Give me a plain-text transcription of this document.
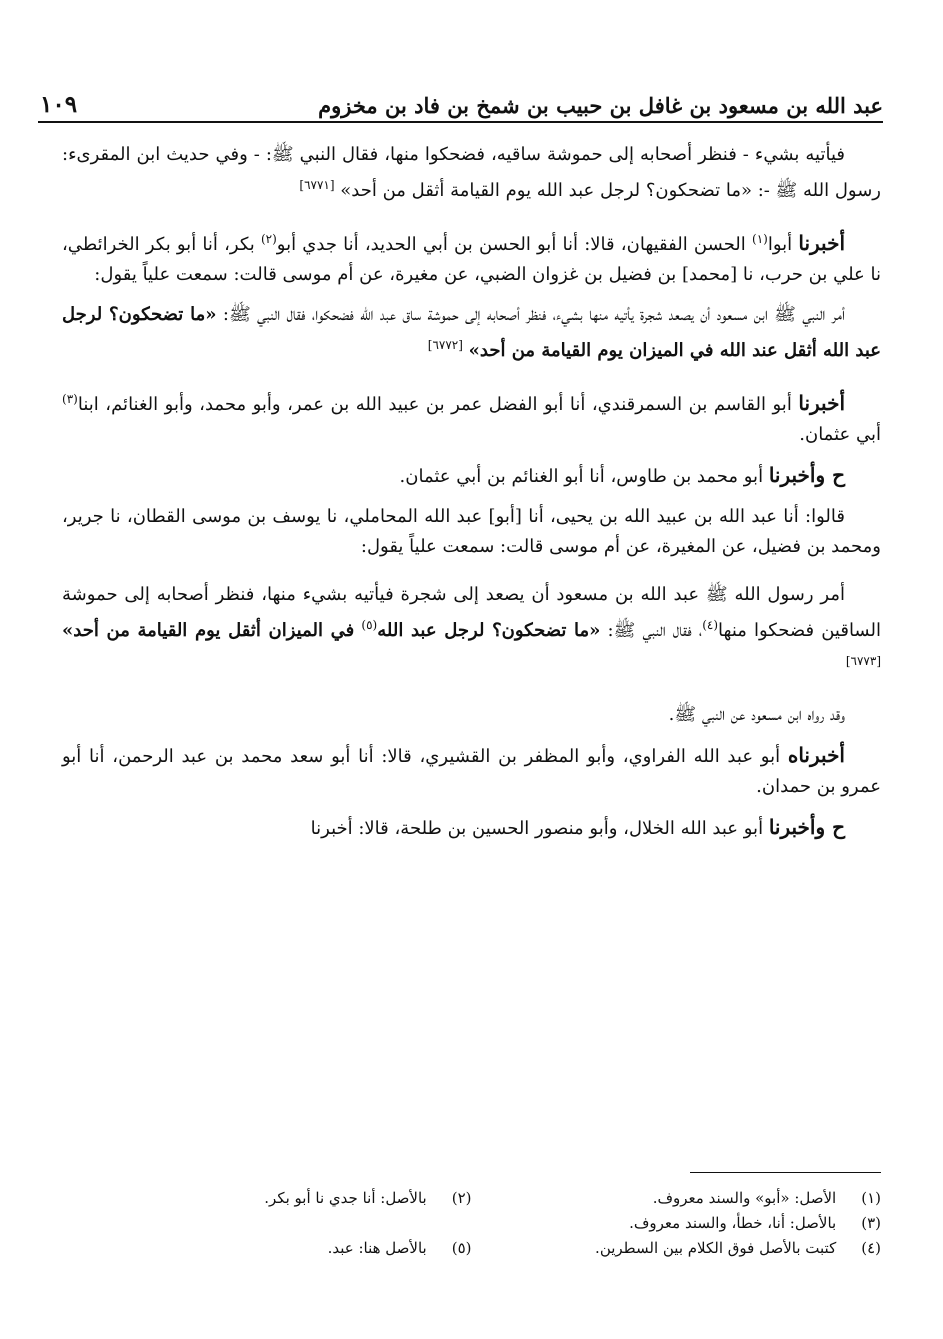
١٠٩	عبد الله بن مسعود بن غافل بن حبيب بن شمخ بن فاد بن مخزوم

فيأتيه بشيء - فنظر أصحابه إلى حموشة ساقيه، فضحكوا منها، فقال النبي ﷺ: - وفي حديث ابن المقرىء: رسول الله ﷺ -: «ما تضحكون؟ لرجل عبد الله يوم القيامة أثقل من أحد» [٦٧٧١]

أخبرنا أبوا$^{(١)}$ الحسن الفقيهان، قالا: أنا أبو الحسن بن أبي الحديد، أنا جدي أبو$^{(٢)}$ بكر، أنا أبو بكر الخرائطي، نا علي بن حرب، نا [محمد] بن فضيل بن غزوان الضبي، عن مغيرة، عن أم موسى قالت: سمعت علياً يقول:

أمر النبي ﷺ ابن مسعود أن يصعد شجرة يأتيه منها بشيء، فنظر أصحابه إلى حموشة ساق عبد الله فضحكوا، فقال النبي ﷺ: «ما تضحكون؟ لرجل عبد الله أثقل عند الله في الميزان يوم القيامة من أحد» [٦٧٧٢]

أخبرنا أبو القاسم بن السمرقندي، أنا أبو الفضل عمر بن عبيد الله بن عمر، وأبو محمد، وأبو الغنائم، ابنا$^{(٣)}$ أبي عثمان.

ح وأخبرنا أبو محمد بن طاوس، أنا أبو الغنائم بن أبي عثمان.

قالوا: أنا عبد الله بن عبيد الله بن يحيى، أنا [أبو] عبد الله المحاملي، نا يوسف بن موسى القطان، نا جرير، ومحمد بن فضيل، عن المغيرة، عن أم موسى قالت: سمعت علياً يقول:

أمر رسول الله ﷺ عبد الله بن مسعود أن يصعد إلى شجرة فيأتيه بشيء منها، فنظر أصحابه إلى حموشة الساقين فضحكوا منها$^{(٤)}$، فقال النبي ﷺ: «ما تضحكون؟ لرجل عبد الله$^{(٥)}$ في الميزان أثقل يوم القيامة من أحد» [٦٧٧٣]

وقد رواه ابن مسعود عن النبي ﷺ.

أخبرناه أبو عبد الله الفراوي، وأبو المظفر بن القشيري، قالا: أنا أبو سعد محمد بن عبد الرحمن، أنا أبو عمرو بن حمدان.

ح وأخبرنا أبو عبد الله الخلال، وأبو منصور الحسين بن طلحة، قالا: أخبرنا

(١) الأصل: «أبو» والسند معروف.
(٢) بالأصل: أنا جدي نا أبو بكر.
(٣) بالأصل: أنا، خطأ، والسند معروف.
(٤) كتبت بالأصل فوق الكلام بين السطرين.
(٥) بالأصل هنا: عبد.
